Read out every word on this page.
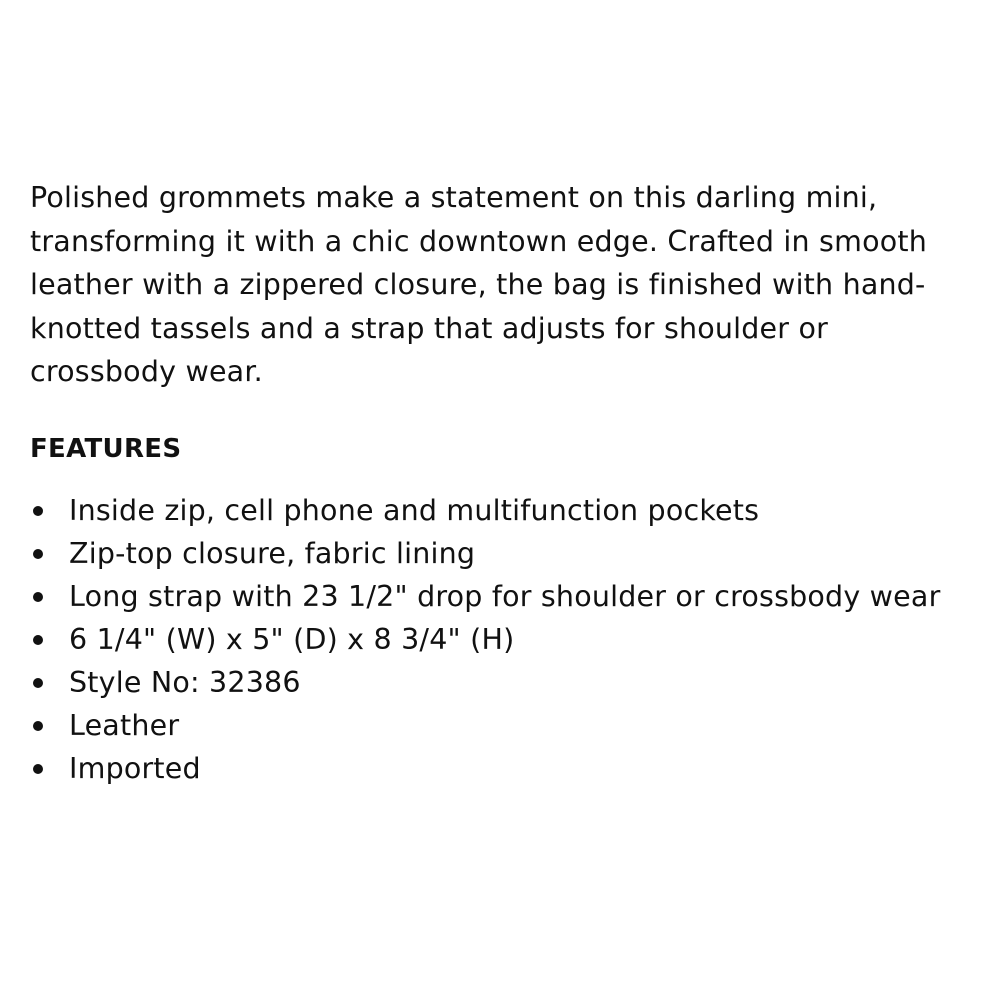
Polished grommets make a statement on this darling mini, transforming it with a chic downtown edge. Crafted in smooth leather with a zippered closure, the bag is finished with hand-knotted tassels and a strap that adjusts for shoulder or crossbody wear.

FEATURES
Inside zip, cell phone and multifunction pockets
Zip-top closure, fabric lining
Long strap with 23 1/2" drop for shoulder or crossbody wear
6 1/4" (W) x 5" (D) x 8 3/4" (H)
Style No: 32386
Leather
Imported
